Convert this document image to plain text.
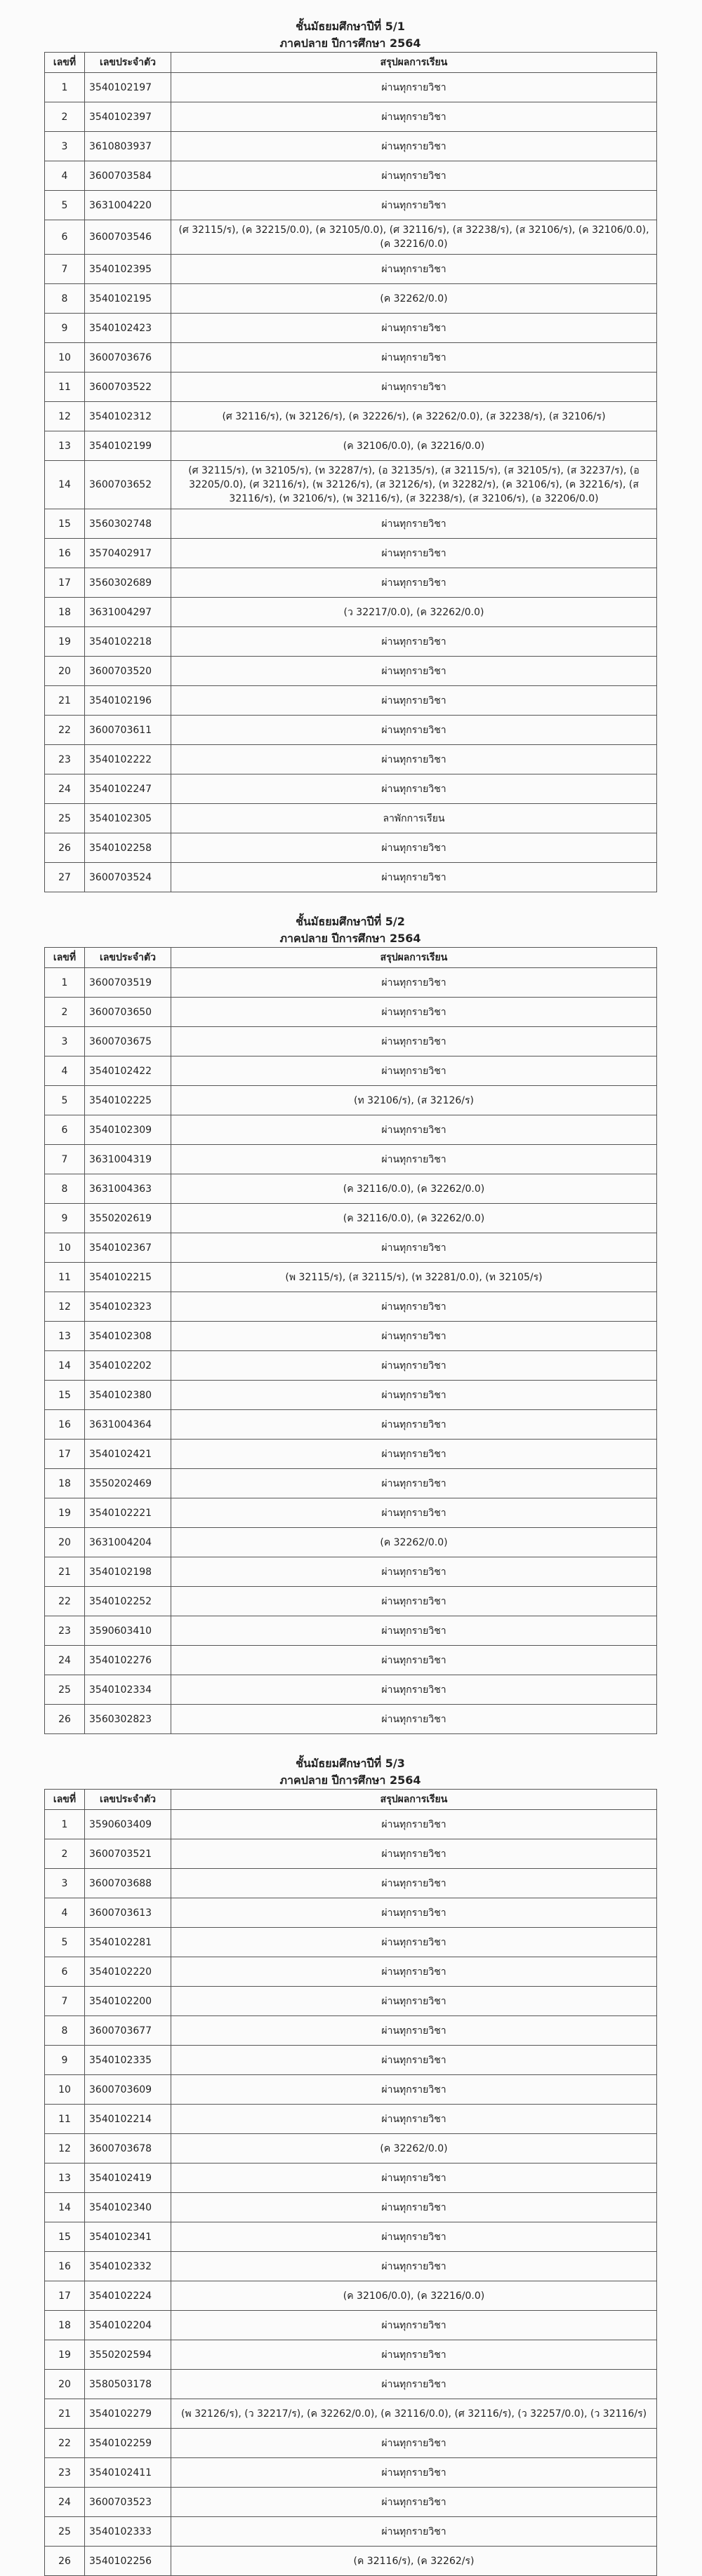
ชั้นมัธยมศึกษาปีที่ 5/1
ภาคปลาย ปีการศึกษา 2564
เลขที่	เลขประจำตัว	สรุปผลการเรียน
1	3540102197	ผ่านทุกรายวิชา
2	3540102397	ผ่านทุกรายวิชา
3	3610803937	ผ่านทุกรายวิชา
4	3600703584	ผ่านทุกรายวิชา
5	3631004220	ผ่านทุกรายวิชา
6	3600703546	(ศ 32115/ร), (ค 32215/0.0), (ค 32105/0.0), (ศ 32116/ร), (ส 32238/ร), (ส 32106/ร), (ค 32106/0.0), (ค 32216/0.0)
7	3540102395	ผ่านทุกรายวิชา
8	3540102195	(ค 32262/0.0)
9	3540102423	ผ่านทุกรายวิชา
10	3600703676	ผ่านทุกรายวิชา
11	3600703522	ผ่านทุกรายวิชา
12	3540102312	(ศ 32116/ร), (พ 32126/ร), (ค 32226/ร), (ค 32262/0.0), (ส 32238/ร), (ส 32106/ร)
13	3540102199	(ค 32106/0.0), (ค 32216/0.0)
14	3600703652	(ศ 32115/ร), (ท 32105/ร), (ท 32287/ร), (อ 32135/ร), (ส 32115/ร), (ส 32105/ร), (ส 32237/ร), (อ 32205/0.0), (ศ 32116/ร), (พ 32126/ร), (ส 32126/ร), (ท 32282/ร), (ค 32106/ร), (ค 32216/ร), (ส 32116/ร), (ท 32106/ร), (พ 32116/ร), (ส 32238/ร), (ส 32106/ร), (อ 32206/0.0)
15	3560302748	ผ่านทุกรายวิชา
16	3570402917	ผ่านทุกรายวิชา
17	3560302689	ผ่านทุกรายวิชา
18	3631004297	(ว 32217/0.0), (ค 32262/0.0)
19	3540102218	ผ่านทุกรายวิชา
20	3600703520	ผ่านทุกรายวิชา
21	3540102196	ผ่านทุกรายวิชา
22	3600703611	ผ่านทุกรายวิชา
23	3540102222	ผ่านทุกรายวิชา
24	3540102247	ผ่านทุกรายวิชา
25	3540102305	ลาพักการเรียน
26	3540102258	ผ่านทุกรายวิชา
27	3600703524	ผ่านทุกรายวิชา
ชั้นมัธยมศึกษาปีที่ 5/2
ภาคปลาย ปีการศึกษา 2564
เลขที่	เลขประจำตัว	สรุปผลการเรียน
1	3600703519	ผ่านทุกรายวิชา
2	3600703650	ผ่านทุกรายวิชา
3	3600703675	ผ่านทุกรายวิชา
4	3540102422	ผ่านทุกรายวิชา
5	3540102225	(ท 32106/ร), (ส 32126/ร)
6	3540102309	ผ่านทุกรายวิชา
7	3631004319	ผ่านทุกรายวิชา
8	3631004363	(ค 32116/0.0), (ค 32262/0.0)
9	3550202619	(ค 32116/0.0), (ค 32262/0.0)
10	3540102367	ผ่านทุกรายวิชา
11	3540102215	(พ 32115/ร), (ส 32115/ร), (ท 32281/0.0), (ท 32105/ร)
12	3540102323	ผ่านทุกรายวิชา
13	3540102308	ผ่านทุกรายวิชา
14	3540102202	ผ่านทุกรายวิชา
15	3540102380	ผ่านทุกรายวิชา
16	3631004364	ผ่านทุกรายวิชา
17	3540102421	ผ่านทุกรายวิชา
18	3550202469	ผ่านทุกรายวิชา
19	3540102221	ผ่านทุกรายวิชา
20	3631004204	(ค 32262/0.0)
21	3540102198	ผ่านทุกรายวิชา
22	3540102252	ผ่านทุกรายวิชา
23	3590603410	ผ่านทุกรายวิชา
24	3540102276	ผ่านทุกรายวิชา
25	3540102334	ผ่านทุกรายวิชา
26	3560302823	ผ่านทุกรายวิชา
ชั้นมัธยมศึกษาปีที่ 5/3
ภาคปลาย ปีการศึกษา 2564
เลขที่	เลขประจำตัว	สรุปผลการเรียน
1	3590603409	ผ่านทุกรายวิชา
2	3600703521	ผ่านทุกรายวิชา
3	3600703688	ผ่านทุกรายวิชา
4	3600703613	ผ่านทุกรายวิชา
5	3540102281	ผ่านทุกรายวิชา
6	3540102220	ผ่านทุกรายวิชา
7	3540102200	ผ่านทุกรายวิชา
8	3600703677	ผ่านทุกรายวิชา
9	3540102335	ผ่านทุกรายวิชา
10	3600703609	ผ่านทุกรายวิชา
11	3540102214	ผ่านทุกรายวิชา
12	3600703678	(ค 32262/0.0)
13	3540102419	ผ่านทุกรายวิชา
14	3540102340	ผ่านทุกรายวิชา
15	3540102341	ผ่านทุกรายวิชา
16	3540102332	ผ่านทุกรายวิชา
17	3540102224	(ค 32106/0.0), (ค 32216/0.0)
18	3540102204	ผ่านทุกรายวิชา
19	3550202594	ผ่านทุกรายวิชา
20	3580503178	ผ่านทุกรายวิชา
21	3540102279	(พ 32126/ร), (ว 32217/ร), (ค 32262/0.0), (ค 32116/0.0), (ศ 32116/ร), (ว 32257/0.0), (ว 32116/ร)
22	3540102259	ผ่านทุกรายวิชา
23	3540102411	ผ่านทุกรายวิชา
24	3600703523	ผ่านทุกรายวิชา
25	3540102333	ผ่านทุกรายวิชา
26	3540102256	(ค 32116/ร), (ค 32262/ร)
